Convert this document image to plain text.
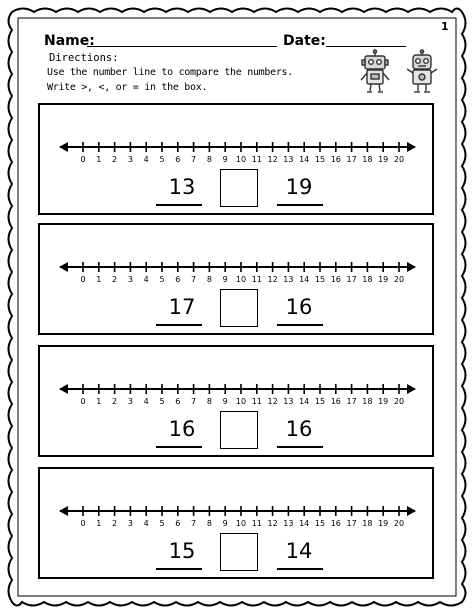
1
Name:	Date:
Directions:
Use the number line to compare the numbers.
Write >, <, or = in the box.
0 1 2 3 4 5 6 7 8 9 10 11 12 13 14 15 16 17 18 19 20
13	19
0 1 2 3 4 5 6 7 8 9 10 11 12 13 14 15 16 17 18 19 20
17	16
0 1 2 3 4 5 6 7 8 9 10 11 12 13 14 15 16 17 18 19 20
16	16
0 1 2 3 4 5 6 7 8 9 10 11 12 13 14 15 16 17 18 19 20
15	14
